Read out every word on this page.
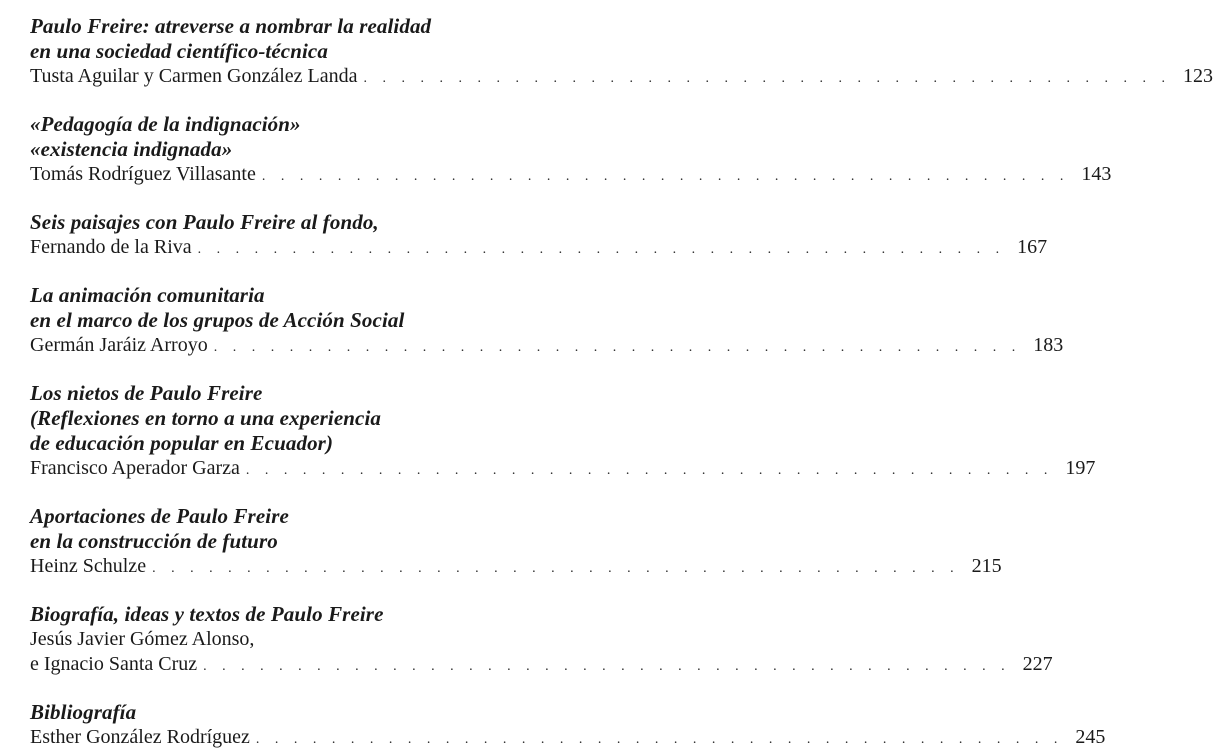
Paulo Freire: atreverse a nombrar la realidad
en una sociedad científico-técnica
Tusta Aguilar y Carmen González Landa . . . . . . . . . . . . . . . . . . . . . . . . . . . . . . . . . . . . . . . . . . . 123
«Pedagogía de la indignación»
«existencia indignada»
Tomás Rodríguez Villasante . . . . . . . . . . . . . . . . . . . . . . . . . . . . . . . . . . . . . . . . . . . 143
Seis paisajes con Paulo Freire al fondo,
Fernando de la Riva . . . . . . . . . . . . . . . . . . . . . . . . . . . . . . . . . . . . . . . . . . . 167
La animación comunitaria
en el marco de los grupos de Acción Social
Germán Jaráiz Arroyo . . . . . . . . . . . . . . . . . . . . . . . . . . . . . . . . . . . . . . . . . . . 183
Los nietos de Paulo Freire
(Reflexiones en torno a una experiencia
de educación popular en Ecuador)
Francisco Aperador Garza . . . . . . . . . . . . . . . . . . . . . . . . . . . . . . . . . . . . . . . . . . . 197
Aportaciones de Paulo Freire
en la construcción de futuro
Heinz Schulze . . . . . . . . . . . . . . . . . . . . . . . . . . . . . . . . . . . . . . . . . . . 215
Biografía, ideas y textos de Paulo Freire
Jesús Javier Gómez Alonso,
e Ignacio Santa Cruz . . . . . . . . . . . . . . . . . . . . . . . . . . . . . . . . . . . . . . . . . . . 227
Bibliografía
Esther González Rodríguez . . . . . . . . . . . . . . . . . . . . . . . . . . . . . . . . . . . . . . . . . . . 245
